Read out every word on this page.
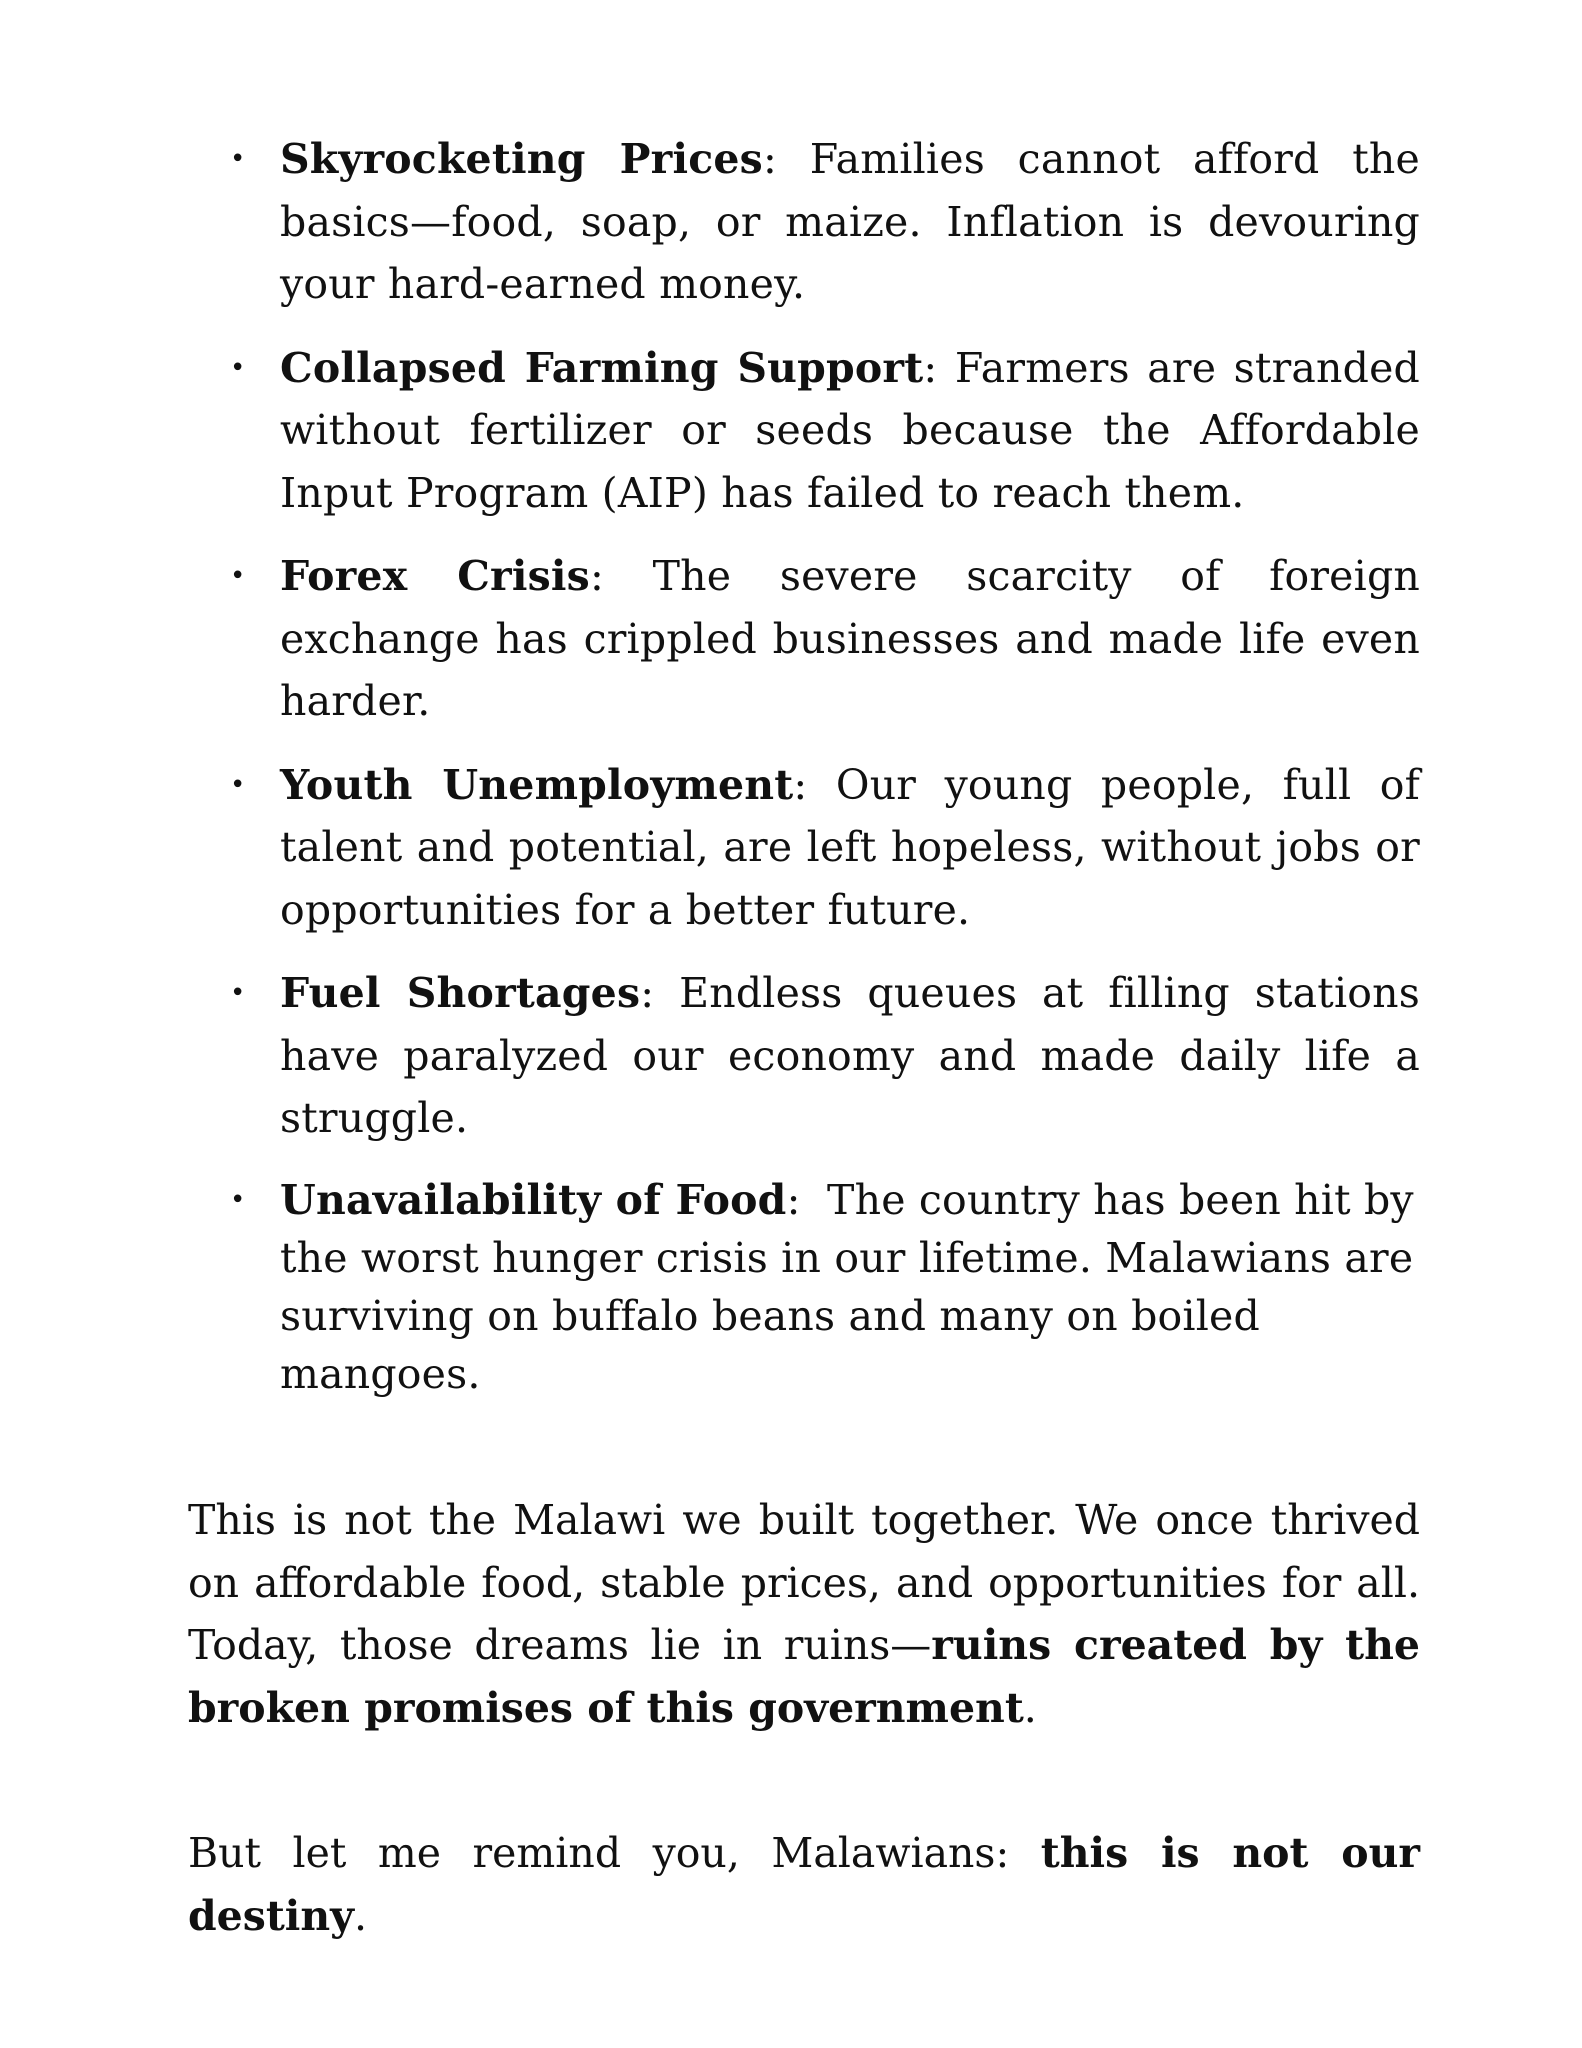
•
Skyrocketing Prices: Families cannot afford the basics—food, soap, or maize. Inflation is devouring your hard-earned money.
•
Collapsed Farming Support: Farmers are stranded without fertilizer or seeds because the Affordable Input Program (AIP) has failed to reach them.
•
Forex Crisis: The severe scarcity of foreign exchange has crippled businesses and made life even harder.
•
Youth Unemployment: Our young people, full of talent and potential, are left hopeless, without jobs or opportunities for a better future.
•
Fuel Shortages: Endless queues at filling stations have paralyzed our economy and made daily life a struggle.
•
Unavailability of Food:  The country has been hit by the worst hunger crisis in our lifetime. Malawians are surviving on buffalo beans and many on boiled mangoes.

This is not the Malawi we built together. We once thrived on affordable food, stable prices, and opportunities for all. Today, those dreams lie in ruins—ruins created by the broken promises of this government.

But let me remind you, Malawians: this is not our destiny.
